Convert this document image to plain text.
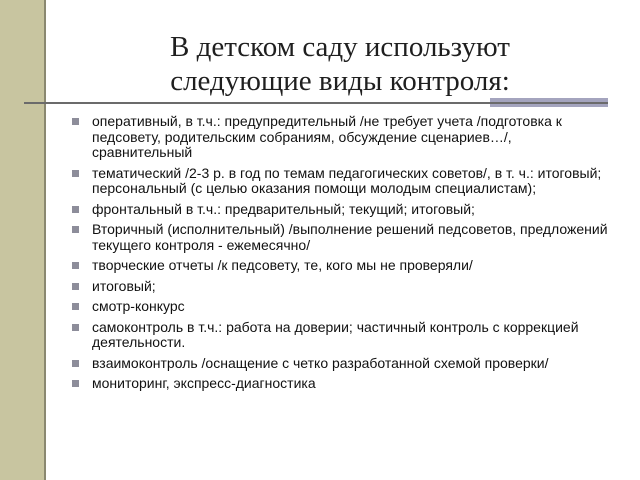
В детском саду используют
следующие виды контроля:
оперативный, в т.ч.: предупредительный /не требует учета /подготовка к педсовету, родительским собраниям, обсуждение сценариев…/, сравнительный
тематический /2-3 р. в год по темам педагогических советов/, в т. ч.: итоговый; персональный (с целью оказания помощи молодым специалистам);
фронтальный в т.ч.: предварительный; текущий; итоговый;
Вторичный (исполнительный) /выполнение решений педсоветов, предложений текущего контроля - ежемесячно/
творческие отчеты /к педсовету, те, кого мы не проверяли/
итоговый;
смотр-конкурс
самоконтроль в т.ч.: работа на доверии; частичный контроль с коррекцией деятельности.
взаимоконтроль /оснащение с четко разработанной схемой проверки/
мониторинг, экспресс-диагностика
